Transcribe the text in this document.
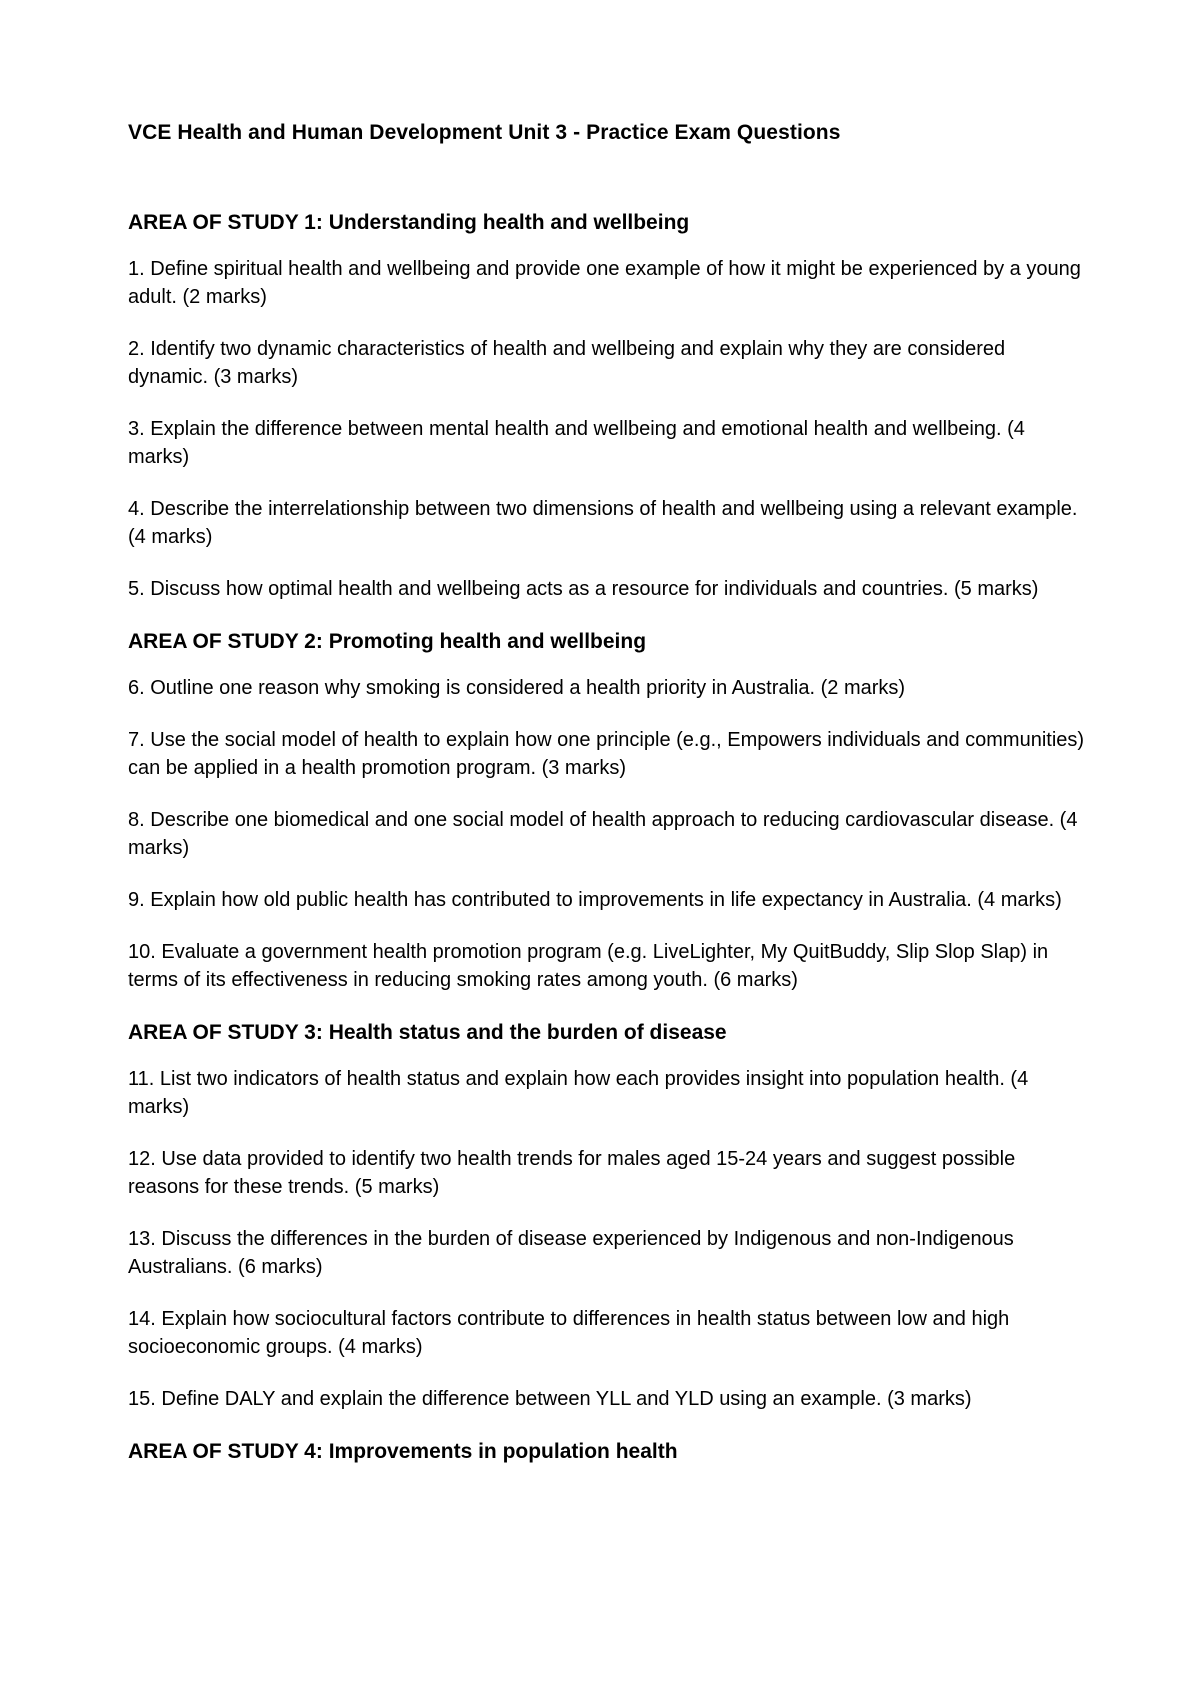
VCE Health and Human Development Unit 3 - Practice Exam Questions
AREA OF STUDY 1: Understanding health and wellbeing
1. Define spiritual health and wellbeing and provide one example of how it might be experienced by a young adult. (2 marks)
2. Identify two dynamic characteristics of health and wellbeing and explain why they are considered dynamic. (3 marks)
3. Explain the difference between mental health and wellbeing and emotional health and wellbeing. (4 marks)
4. Describe the interrelationship between two dimensions of health and wellbeing using a relevant example. (4 marks)
5. Discuss how optimal health and wellbeing acts as a resource for individuals and countries. (5 marks)
AREA OF STUDY 2: Promoting health and wellbeing
6. Outline one reason why smoking is considered a health priority in Australia. (2 marks)
7. Use the social model of health to explain how one principle (e.g., Empowers individuals and communities) can be applied in a health promotion program. (3 marks)
8. Describe one biomedical and one social model of health approach to reducing cardiovascular disease. (4 marks)
9. Explain how old public health has contributed to improvements in life expectancy in Australia. (4 marks)
10. Evaluate a government health promotion program (e.g. LiveLighter, My QuitBuddy, Slip Slop Slap) in terms of its effectiveness in reducing smoking rates among youth. (6 marks)
AREA OF STUDY 3: Health status and the burden of disease
11. List two indicators of health status and explain how each provides insight into population health. (4 marks)
12. Use data provided to identify two health trends for males aged 15-24 years and suggest possible reasons for these trends. (5 marks)
13. Discuss the differences in the burden of disease experienced by Indigenous and non-Indigenous Australians. (6 marks)
14. Explain how sociocultural factors contribute to differences in health status between low and high socioeconomic groups. (4 marks)
15. Define DALY and explain the difference between YLL and YLD using an example. (3 marks)
AREA OF STUDY 4: Improvements in population health
